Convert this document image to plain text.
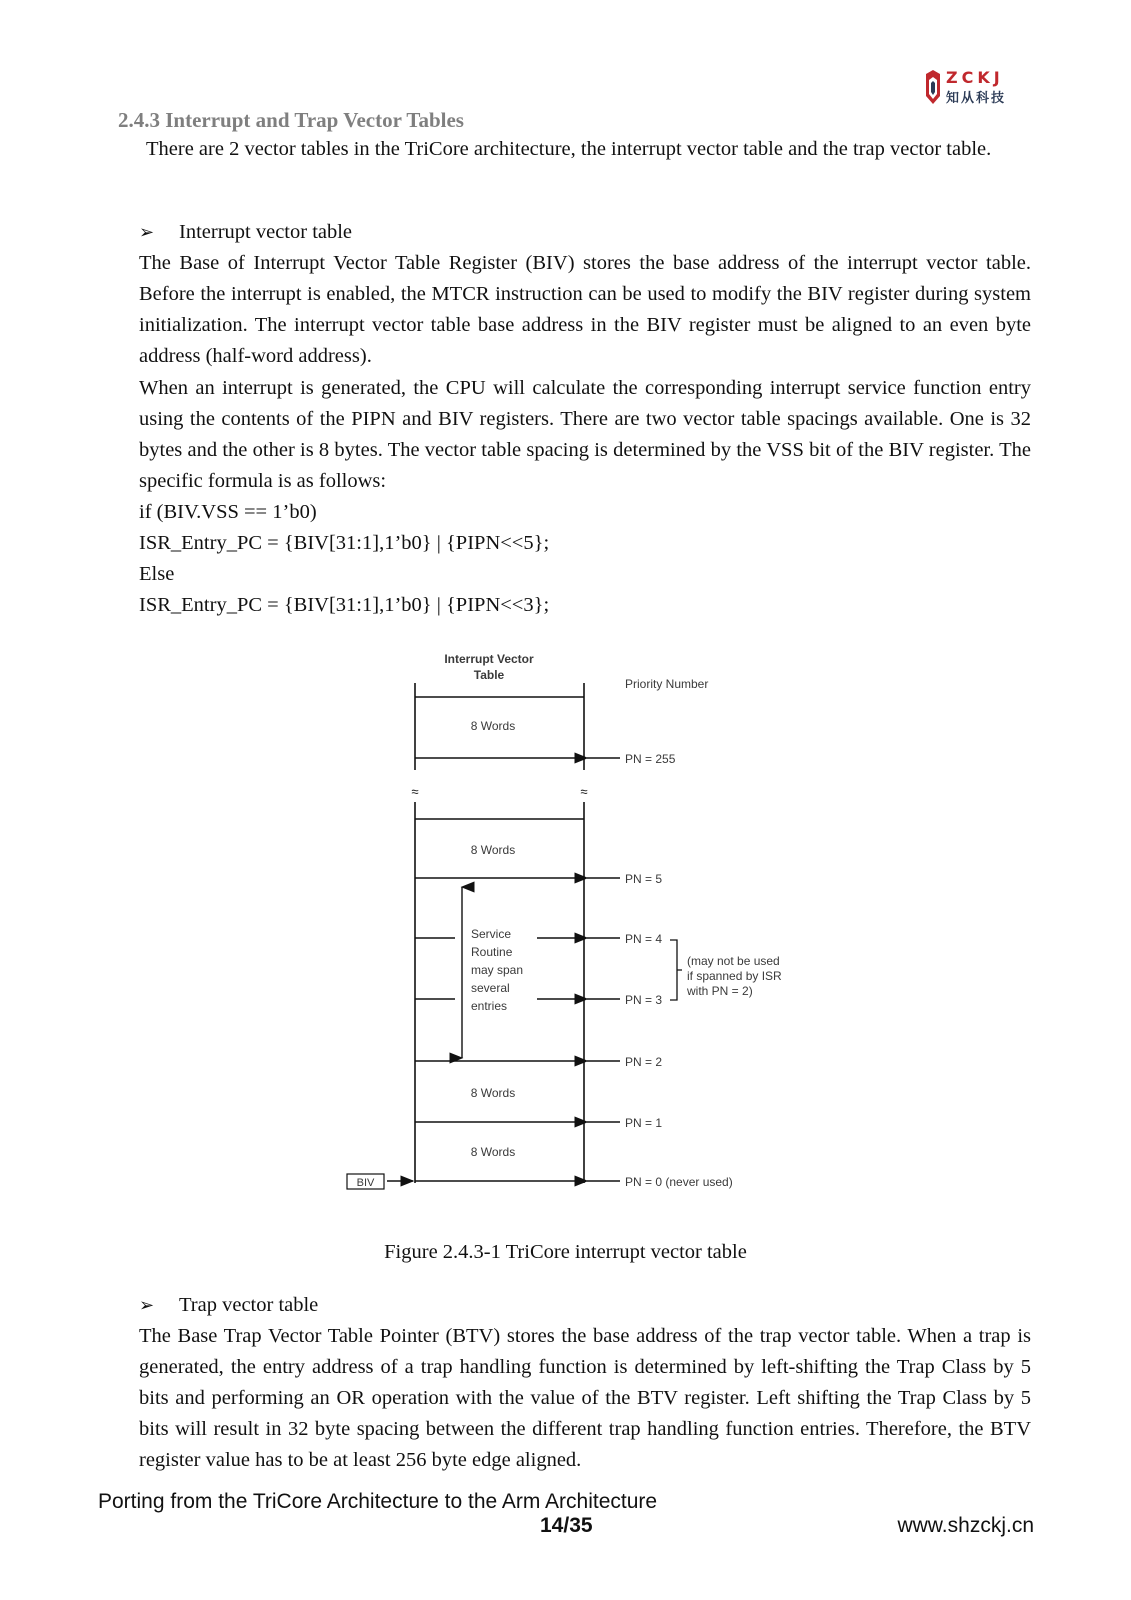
ZCKJ
知从科技
2.4.3 Interrupt and Trap Vector Tables
There are 2 vector tables in the TriCore architecture, the interrupt vector table and the trap vector table.
➢ Interrupt vector table
The Base of Interrupt Vector Table Register (BIV) stores the base address of the interrupt vector table. Before the interrupt is enabled, the MTCR instruction can be used to modify the BIV register during system initialization. The interrupt vector table base address in the BIV register must be aligned to an even byte address (half-word address).
When an interrupt is generated, the CPU will calculate the corresponding interrupt service function entry using the contents of the PIPN and BIV registers. There are two vector table spacings available. One is 32 bytes and the other is 8 bytes. The vector table spacing is determined by the VSS bit of the BIV register. The specific formula is as follows:
if (BIV.VSS == 1’b0)
ISR_Entry_PC = {BIV[31:1],1’b0} | {PIPN<<5};
Else
ISR_Entry_PC = {BIV[31:1],1’b0} | {PIPN<<3};
Interrupt Vector
Table
Priority Number
8 Words
PN = 255
≈	≈
8 Words
Service
Routine
may span
several
entries
8 Words
8 Words
PN = 5
PN = 4
PN = 3
PN = 2
PN = 1
PN = 0 (never used)
(may not be used
if spanned by ISR
with PN = 2)
BIV
Figure 2.4.3-1 TriCore interrupt vector table
➢ Trap vector table
The Base Trap Vector Table Pointer (BTV) stores the base address of the trap vector table. When a trap is generated, the entry address of a trap handling function is determined by left-shifting the Trap Class by 5 bits and performing an OR operation with the value of the BTV register. Left shifting the Trap Class by 5 bits will result in 32 byte spacing between the different trap handling function entries. Therefore, the BTV register value has to be at least 256 byte edge aligned.
Porting from the TriCore Architecture to the Arm Architecture
14/35	www.shzckj.cn
